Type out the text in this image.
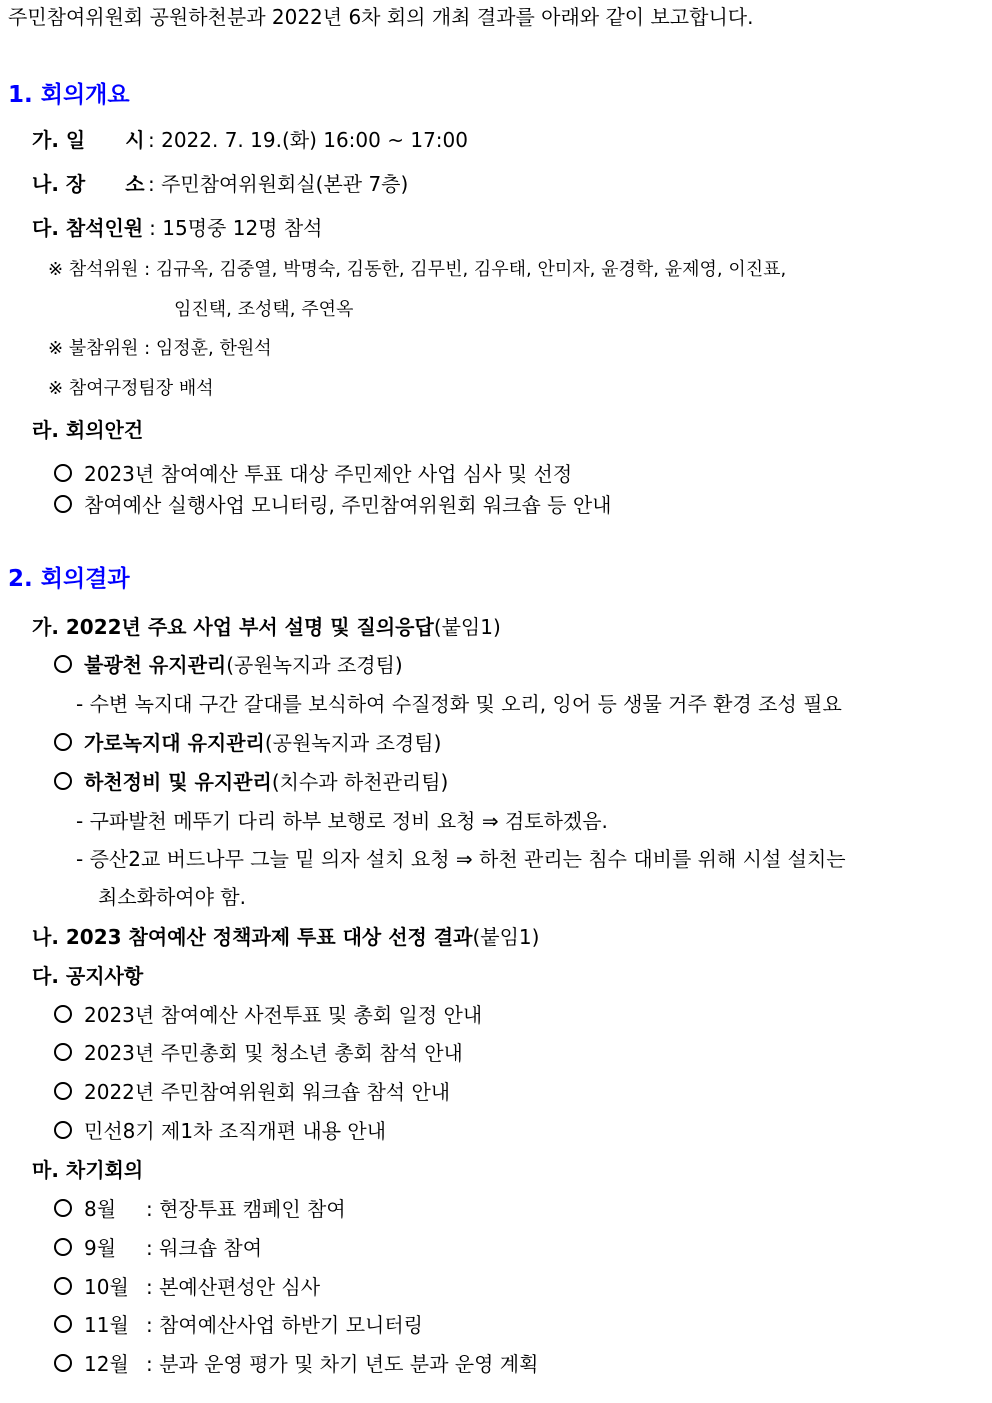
주민참여위원회 공원하천분과 2022년 6차 회의 개최 결과를 아래와 같이 보고합니다.
1. 회의개요
가. 일　　시 : 2022. 7. 19.(화) 16:00 ~ 17:00
나. 장　　소 : 주민참여위원회실(본관 7층)
다. 참석인원 : 15명중 12명 참석
※ 참석위원 : 김규옥, 김중열, 박명숙, 김동한, 김무빈, 김우태, 안미자, 윤경학, 윤제영, 이진표,
임진택, 조성택, 주연옥
※ 불참위원 : 임정훈, 한원석
※ 참여구정팀장 배석
라. 회의안건
2023년 참여예산 투표 대상 주민제안 사업 심사 및 선정
참여예산 실행사업 모니터링, 주민참여위원회 워크숍 등 안내
2. 회의결과
가. 2022년 주요 사업 부서 설명 및 질의응답(붙임1)
불광천 유지관리(공원녹지과 조경팀)
- 수변 녹지대 구간 갈대를 보식하여 수질정화 및 오리, 잉어 등 생물 거주 환경 조성 필요
가로녹지대 유지관리(공원녹지과 조경팀)
하천정비 및 유지관리(치수과 하천관리팀)
- 구파발천 메뚜기 다리 하부 보행로 정비 요청 ⇒ 검토하겠음.
- 증산2교 버드나무 그늘 밑 의자 설치 요청 ⇒ 하천 관리는 침수 대비를 위해 시설 설치는
최소화하여야 함.
나. 2023 참여예산 정책과제 투표 대상 선정 결과(붙임1)
다. 공지사항
2023년 참여예산 사전투표 및 총회 일정 안내
2023년 주민총회 및 청소년 총회 참석 안내
2022년 주민참여위원회 워크숍 참석 안내
민선8기 제1차 조직개편 내용 안내
마. 차기회의
8월 : 현장투표 캠페인 참여
9월 : 워크숍 참여
10월 : 본예산편성안 심사
11월 : 참여예산사업 하반기 모니터링
12월 : 분과 운영 평가 및 차기 년도 분과 운영 계획
